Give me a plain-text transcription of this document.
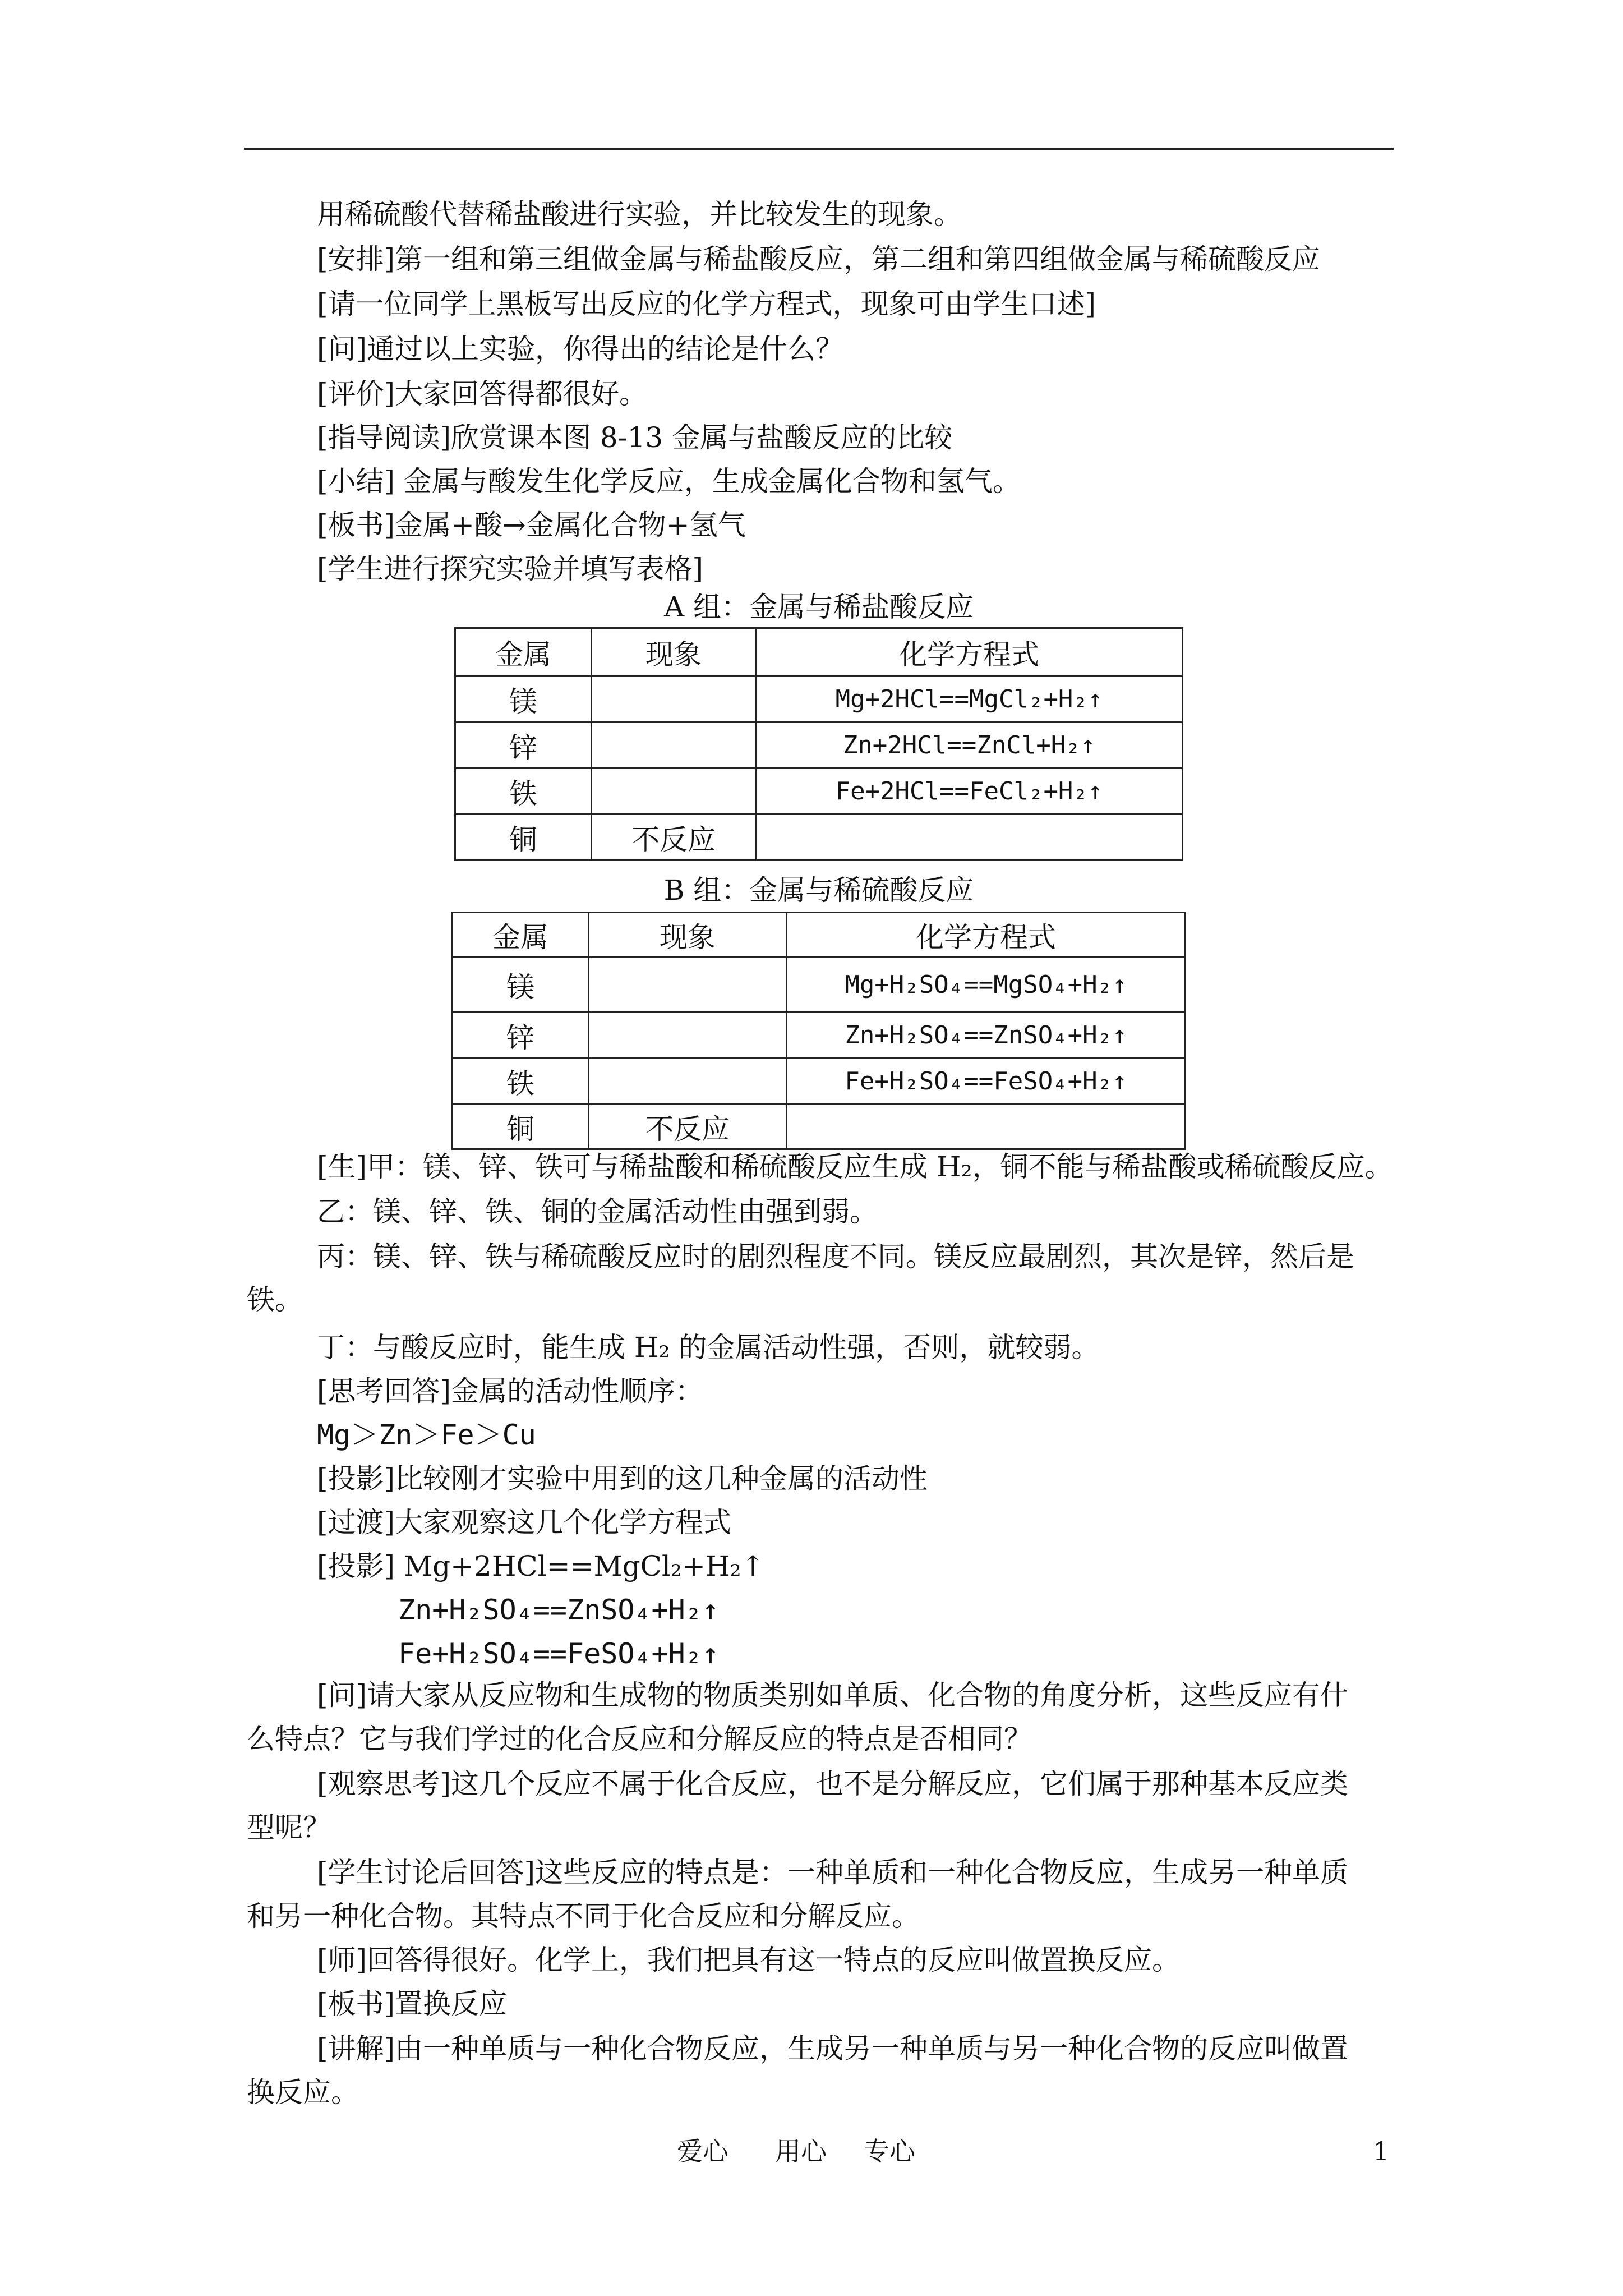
用稀硫酸代替稀盐酸进行实验，并比较发生的现象。
[安排]第一组和第三组做金属与稀盐酸反应，第二组和第四组做金属与稀硫酸反应
[请一位同学上黑板写出反应的化学方程式，现象可由学生口述]
[问]通过以上实验，你得出的结论是什么？
[评价]大家回答得都很好。
[指导阅读]欣赏课本图 8-13 金属与盐酸反应的比较
[小结] 金属与酸发生化学反应，生成金属化合物和氢气。
[板书]金属+酸→金属化合物+氢气
[学生进行探究实验并填写表格]
A 组：金属与稀盐酸反应
金属	现象	化学方程式
镁		Mg+2HCl==MgCl₂+H₂↑
锌		Zn+2HCl==ZnCl+H₂↑
铁		Fe+2HCl==FeCl₂+H₂↑
铜	不反应	
B 组：金属与稀硫酸反应
金属	现象	化学方程式
镁		Mg+H₂SO₄==MgSO₄+H₂↑
锌		Zn+H₂SO₄==ZnSO₄+H₂↑
铁		Fe+H₂SO₄==FeSO₄+H₂↑
铜	不反应	
[生]甲：镁、锌、铁可与稀盐酸和稀硫酸反应生成 H₂，铜不能与稀盐酸或稀硫酸反应。
乙：镁、锌、铁、铜的金属活动性由强到弱。
丙：镁、锌、铁与稀硫酸反应时的剧烈程度不同。镁反应最剧烈，其次是锌，然后是
铁。
丁：与酸反应时，能生成 H₂ 的金属活动性强，否则，就较弱。
[思考回答]金属的活动性顺序：
Mg＞Zn＞Fe＞Cu
[投影]比较刚才实验中用到的这几种金属的活动性
[过渡]大家观察这几个化学方程式
[投影] Mg+2HCl==MgCl₂+H₂↑
Zn+H₂SO₄==ZnSO₄+H₂↑
Fe+H₂SO₄==FeSO₄+H₂↑
[问]请大家从反应物和生成物的物质类别如单质、化合物的角度分析，这些反应有什
么特点？它与我们学过的化合反应和分解反应的特点是否相同？
[观察思考]这几个反应不属于化合反应，也不是分解反应，它们属于那种基本反应类
型呢？
[学生讨论后回答]这些反应的特点是：一种单质和一种化合物反应，生成另一种单质
和另一种化合物。其特点不同于化合反应和分解反应。
[师]回答得很好。化学上，我们把具有这一特点的反应叫做置换反应。
[板书]置换反应
[讲解]由一种单质与一种化合物反应，生成另一种单质与另一种化合物的反应叫做置
换反应。
爱心 用心 专心	1
